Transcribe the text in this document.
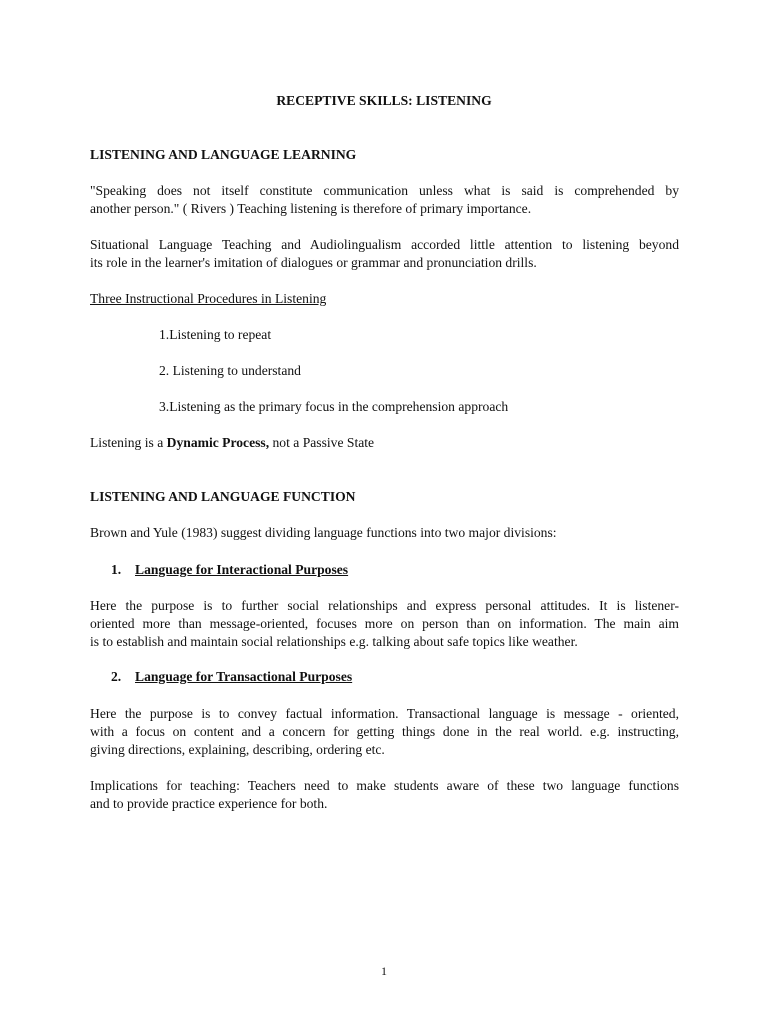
RECEPTIVE SKILLS: LISTENING
LISTENING AND LANGUAGE LEARNING
"Speaking does not itself constitute communication unless what is said is comprehended by
another person." ( Rivers ) Teaching listening is therefore of primary importance.
Situational Language Teaching and Audiolingualism accorded little attention to listening beyond
its role in the learner's imitation of dialogues or grammar and pronunciation drills.
Three Instructional Procedures in Listening
1.Listening to repeat
2. Listening to understand
3.Listening as the primary focus in the comprehension approach
Listening is a Dynamic Process, not a Passive State
LISTENING AND LANGUAGE FUNCTION
Brown and Yule (1983) suggest dividing language functions into two major divisions:
1. Language for Interactional Purposes
Here the purpose is to further social relationships and express personal attitudes. It is listener-
oriented more than message-oriented, focuses more on person than on information. The main aim
is to establish and maintain social relationships e.g. talking about safe topics like weather.
2. Language for Transactional Purposes
Here the purpose is to convey factual information. Transactional language is message - oriented,
with a focus on content and a concern for getting things done in the real world. e.g. instructing,
giving directions, explaining, describing, ordering etc.
Implications for teaching: Teachers need to make students aware of these two language functions
and to provide practice experience for both.
1
